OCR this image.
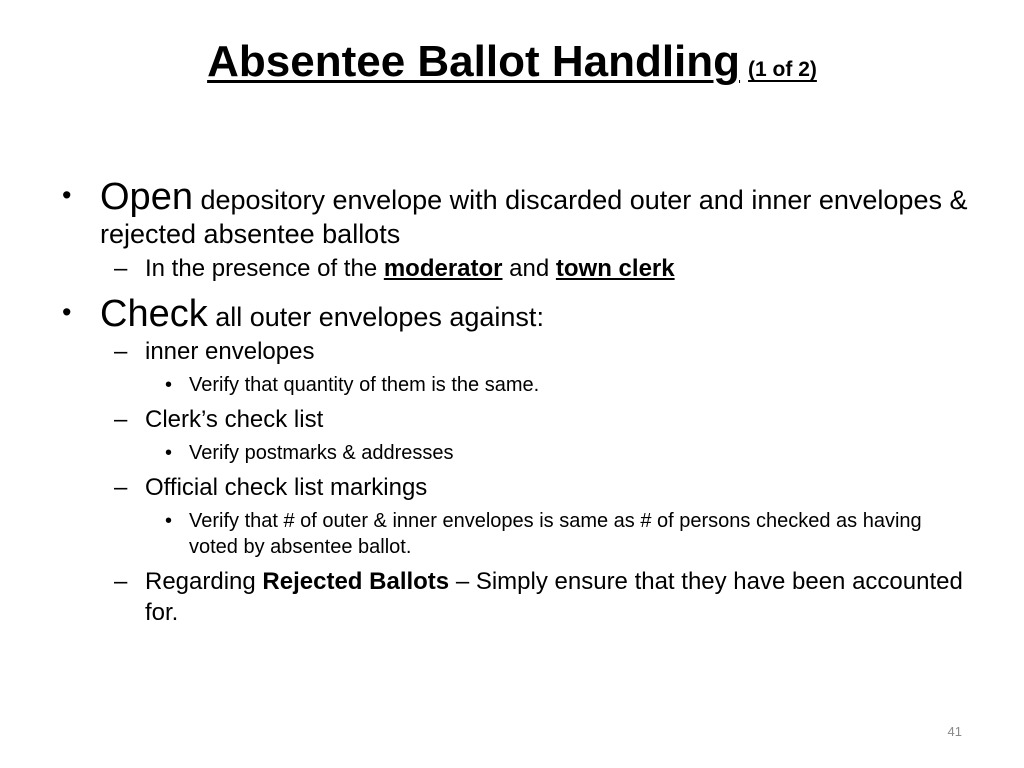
Absentee Ballot Handling (1 of 2)
• Open depository envelope with discarded outer and inner envelopes & rejected absentee ballots
– In the presence of the moderator and town clerk
• Check all outer envelopes against:
– inner envelopes
• Verify that quantity of them is the same.
– Clerk’s check list
• Verify postmarks & addresses
– Official check list markings
• Verify that # of outer & inner envelopes is same as # of persons checked as having voted by absentee ballot.
– Regarding Rejected Ballots – Simply ensure that they have been accounted for.
41
